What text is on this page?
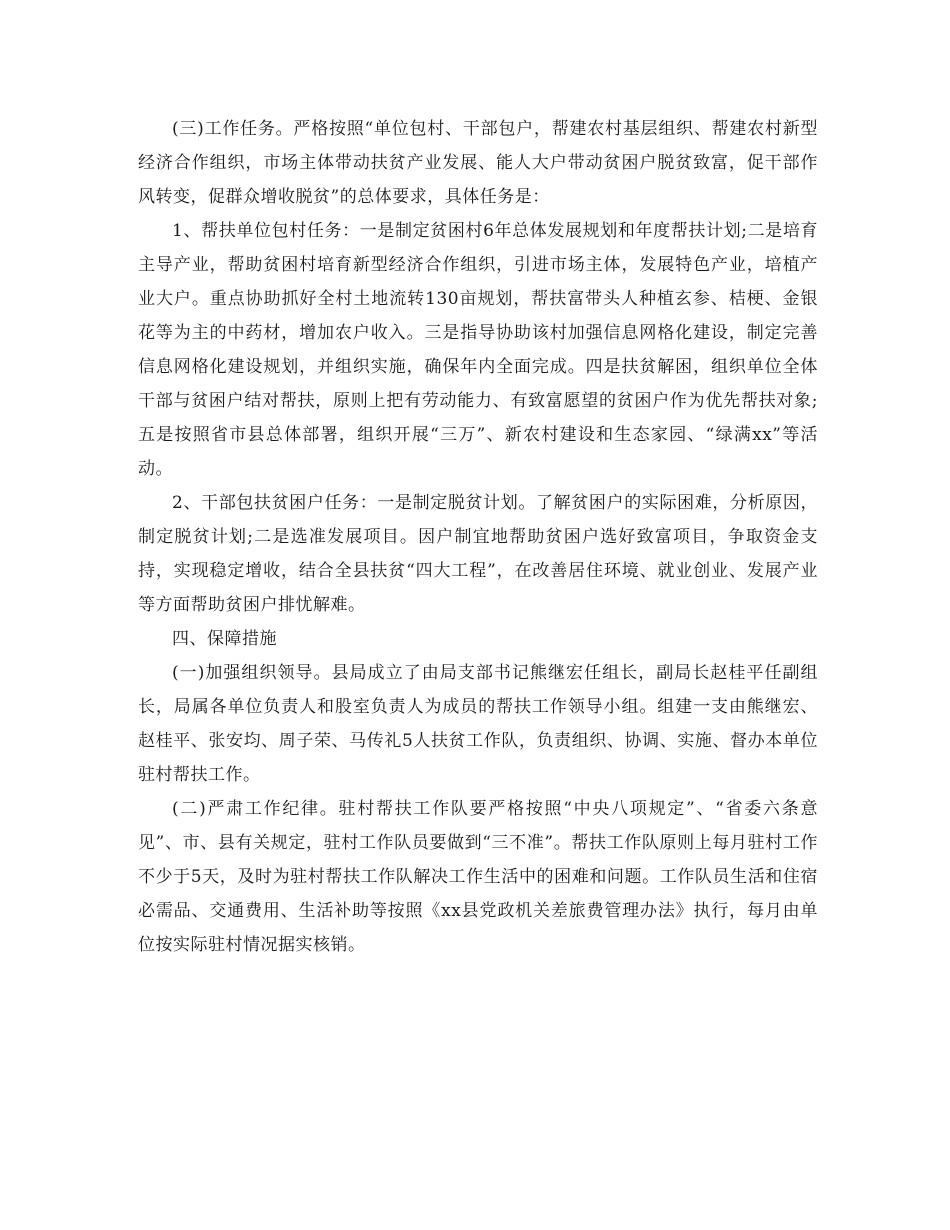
(三)工作任务。严格按照“单位包村、干部包户，帮建农村基层组织、帮建农村新型经济合作组织，市场主体带动扶贫产业发展、能人大户带动贫困户脱贫致富，促干部作风转变，促群众增收脱贫”的总体要求，具体任务是：

1、帮扶单位包村任务：一是制定贫困村6年总体发展规划和年度帮扶计划;二是培育主导产业，帮助贫困村培育新型经济合作组织，引进市场主体，发展特色产业，培植产业大户。重点协助抓好全村土地流转130亩规划，帮扶富带头人种植玄参、桔梗、金银花等为主的中药材，增加农户收入。三是指导协助该村加强信息网格化建设，制定完善信息网格化建设规划，并组织实施，确保年内全面完成。四是扶贫解困，组织单位全体干部与贫困户结对帮扶，原则上把有劳动能力、有致富愿望的贫困户作为优先帮扶对象;五是按照省市县总体部署，组织开展“三万”、新农村建设和生态家园、“绿满xx”等活动。

2、干部包扶贫困户任务：一是制定脱贫计划。了解贫困户的实际困难，分析原因，制定脱贫计划;二是选准发展项目。因户制宜地帮助贫困户选好致富项目，争取资金支持，实现稳定增收，结合全县扶贫“四大工程”，在改善居住环境、就业创业、发展产业等方面帮助贫困户排忧解难。

四、保障措施

(一)加强组织领导。县局成立了由局支部书记熊继宏任组长，副局长赵桂平任副组长，局属各单位负责人和股室负责人为成员的帮扶工作领导小组。组建一支由熊继宏、赵桂平、张安均、周子荣、马传礼5人扶贫工作队，负责组织、协调、实施、督办本单位驻村帮扶工作。

(二)严肃工作纪律。驻村帮扶工作队要严格按照“中央八项规定”、“省委六条意见”、市、县有关规定，驻村工作队员要做到“三不准”。帮扶工作队原则上每月驻村工作不少于5天，及时为驻村帮扶工作队解决工作生活中的困难和问题。工作队员生活和住宿必需品、交通费用、生活补助等按照《xx县党政机关差旅费管理办法》执行，每月由单位按实际驻村情况据实核销。
